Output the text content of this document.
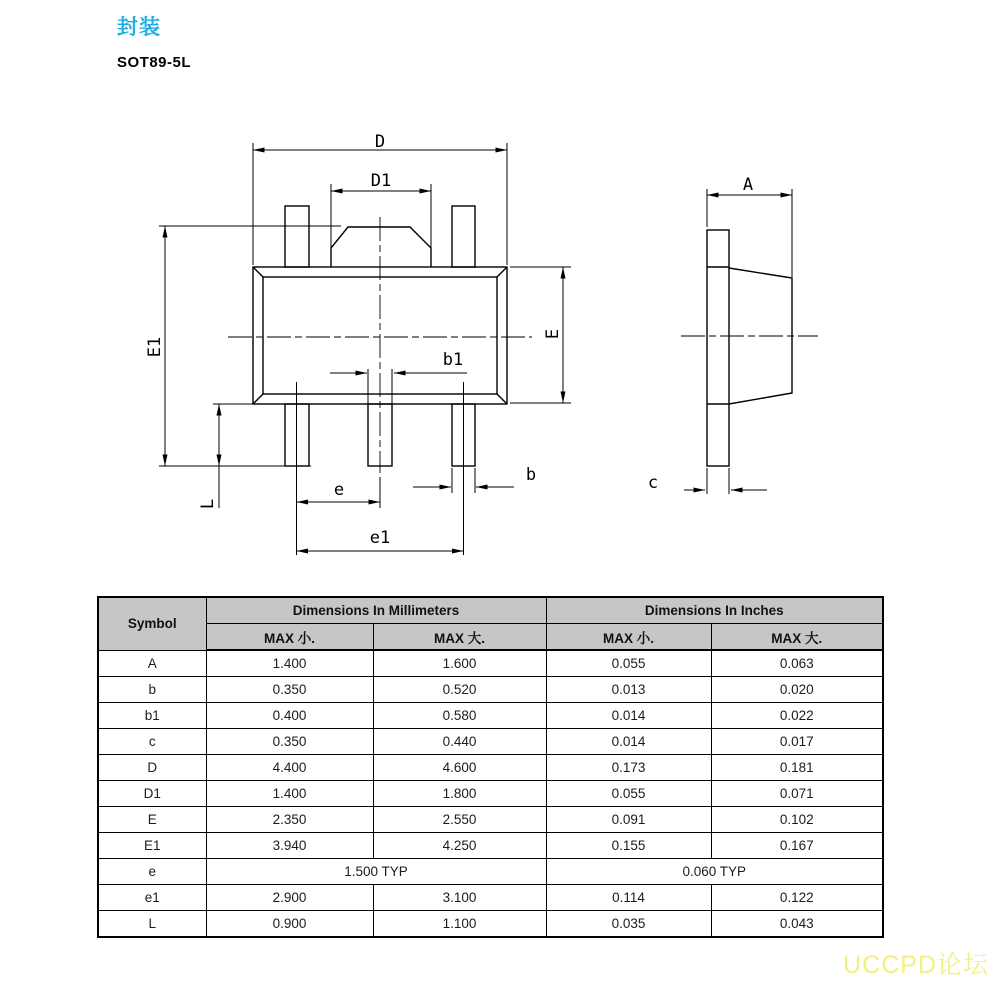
封装
SOT89-5L
D
D1
E1
E
b1
b
e
e1
L
A
c
Symbol	Dimensions In Millimeters		Dimensions In Inches	
	MAX 小.	MAX 大.	MAX 小.	MAX 大.
A	1.400	1.600	0.055	0.063
b	0.350	0.520	0.013	0.020
b1	0.400	0.580	0.014	0.022
c	0.350	0.440	0.014	0.017
D	4.400	4.600	0.173	0.181
D1	1.400	1.800	0.055	0.071
E	2.350	2.550	0.091	0.102
E1	3.940	4.250	0.155	0.167
e	1.500 TYP		0.060 TYP	
e1	2.900	3.100	0.114	0.122
L	0.900	1.100	0.035	0.043
UCCPD论坛
